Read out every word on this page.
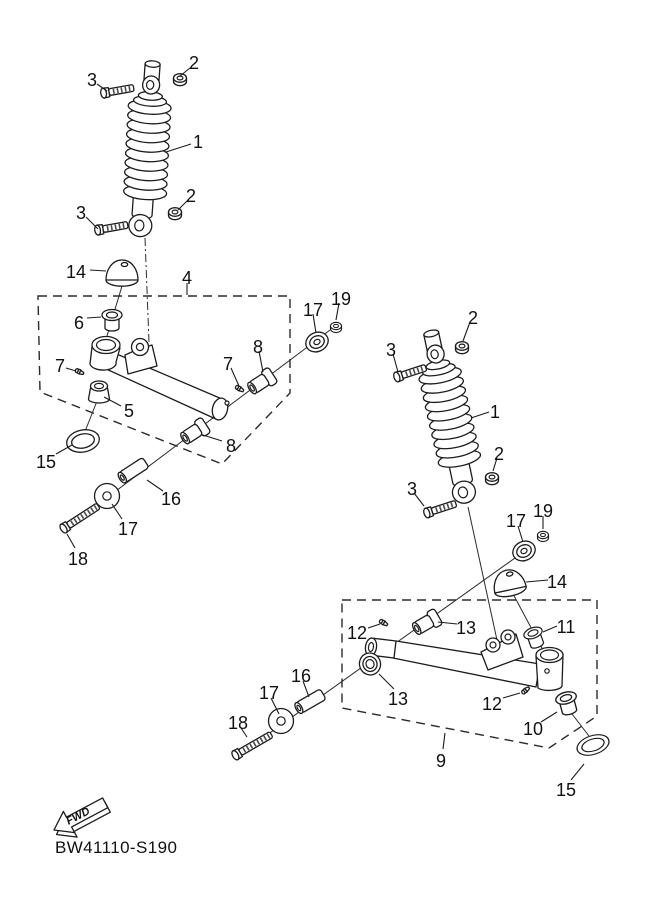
FWD
2
3
1
2
3
14	4
6
7	7
8
17
19
5
8
15
16
17
18
2
3
1
2
3
17 19
14
11
13
12
13	12
10
9
15
16
17
18
BW41110-S190
